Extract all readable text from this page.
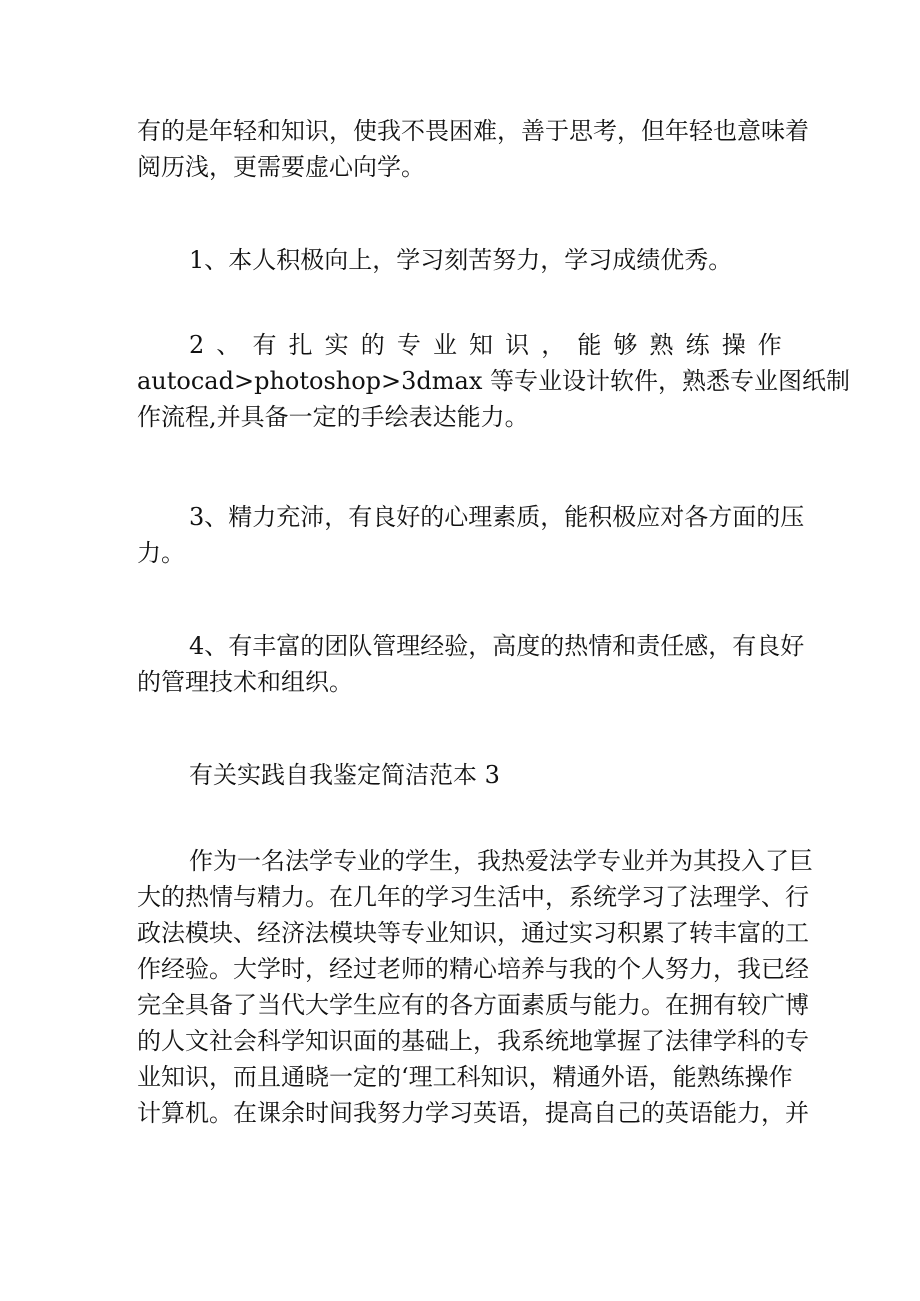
有的是年轻和知识，使我不畏困难，善于思考，但年轻也意味着
阅历浅，更需要虚心向学。
1、本人积极向上，学习刻苦努力，学习成绩优秀。
2 、 有 扎 实 的 专 业 知 识 ， 能 够 熟 练 操 作
autocad>photoshop>3dmax 等专业设计软件，熟悉专业图纸制
作流程,并具备一定的手绘表达能力。
3、精力充沛，有良好的心理素质，能积极应对各方面的压
力。
4、有丰富的团队管理经验，高度的热情和责任感，有良好
的管理技术和组织。
有关实践自我鉴定简洁范本 3
作为一名法学专业的学生，我热爱法学专业并为其投入了巨
大的热情与精力。在几年的学习生活中，系统学习了法理学、行
政法模块、经济法模块等专业知识，通过实习积累了转丰富的工
作经验。大学时，经过老师的精心培养与我的个人努力，我已经
完全具备了当代大学生应有的各方面素质与能力。在拥有较广博
的人文社会科学知识面的基础上，我系统地掌握了法律学科的专
业知识，而且通晓一定的‘理工科知识，精通外语，能熟练操作
计算机。在课余时间我努力学习英语，提高自己的英语能力，并
